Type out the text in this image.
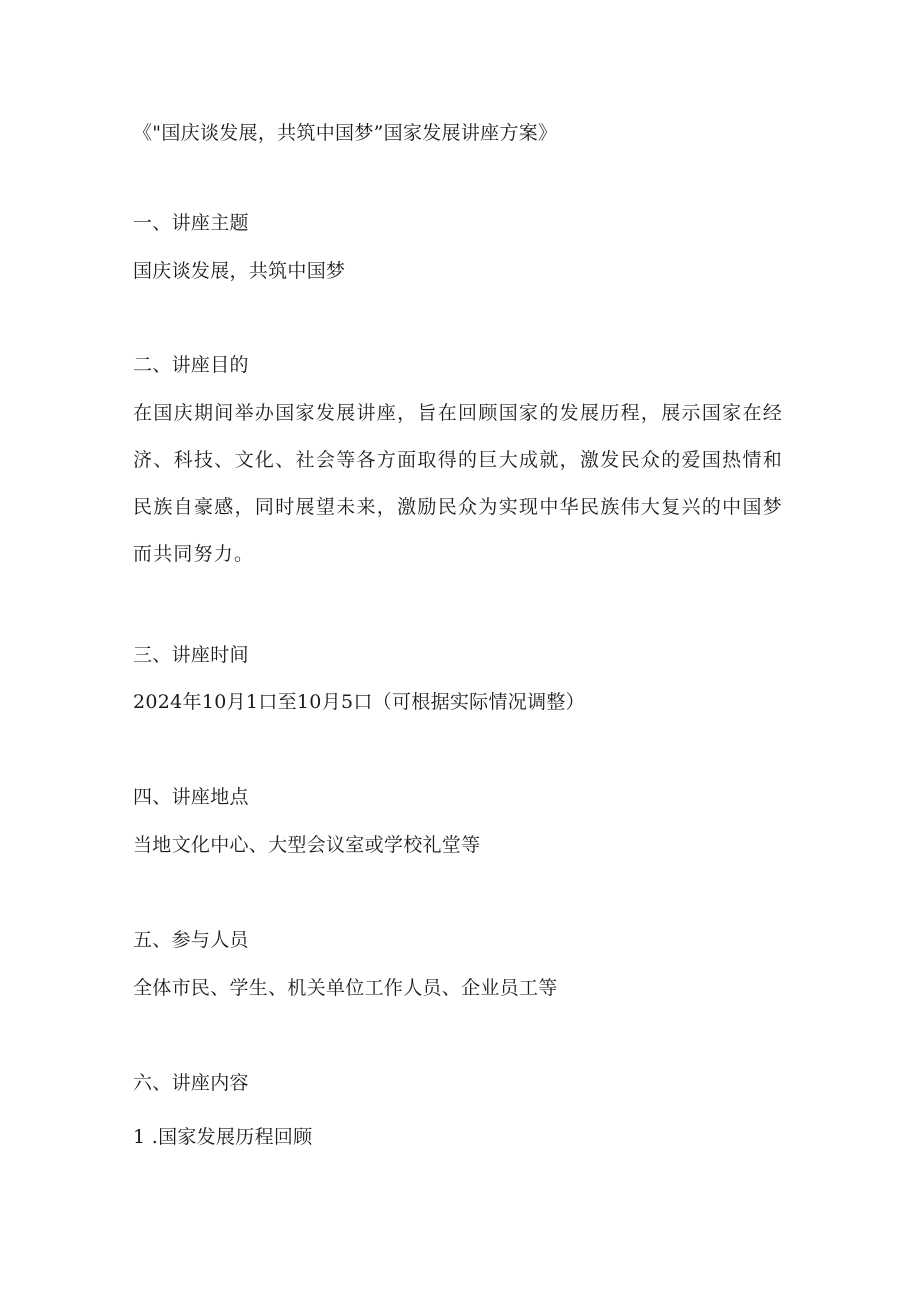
《"国庆谈发展，共筑中国梦”国家发展讲座方案》
一、讲座主题
国庆谈发展，共筑中国梦
二、讲座目的
在国庆期间举办国家发展讲座，旨在回顾国家的发展历程，展示国家在经济、科技、文化、社会等各方面取得的巨大成就，激发民众的爱国热情和民族自豪感，同时展望未来，激励民众为实现中华民族伟大复兴的中国梦而共同努力。
三、讲座时间
2024年10月1口至10月5口（可根据实际情况调整）
四、讲座地点
当地文化中心、大型会议室或学校礼堂等
五、参与人员
全体市民、学生、机关单位工作人员、企业员工等
六、讲座内容
1 .国家发展历程回顾
